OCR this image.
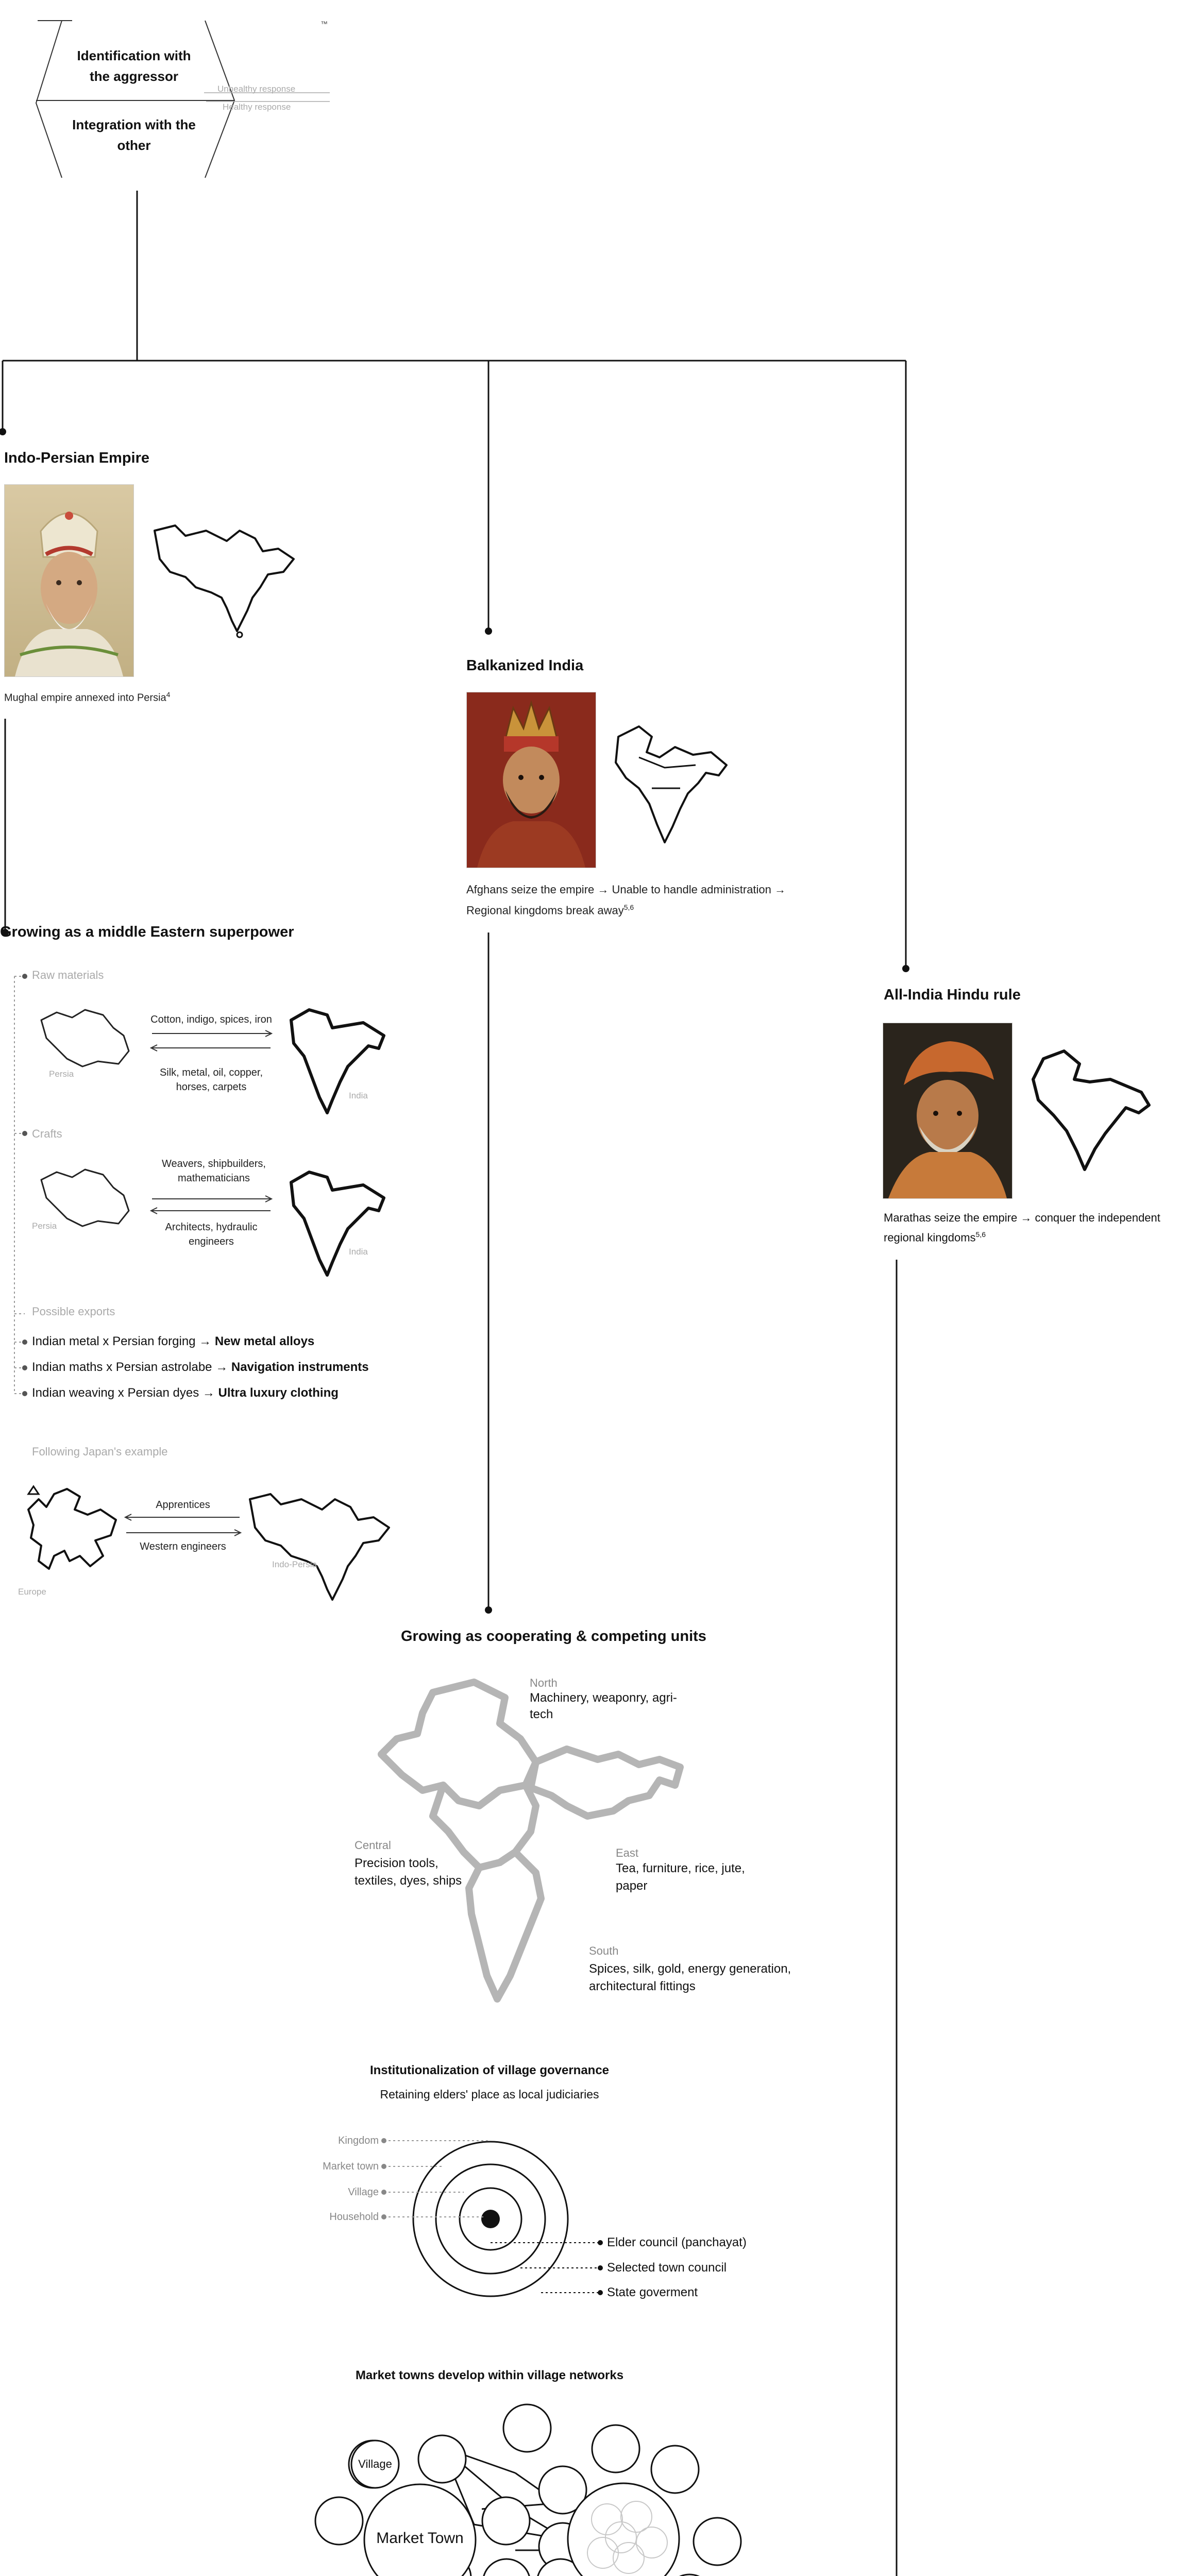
Identification with the aggressor
Integration with the other
Unhealthy response
Healthy response
™
Indo-Persian Empire
Mughal empire annexed into Persia$^4$
Growing as a middle Eastern superpower
Raw materials
Persia
India
Cotton, indigo, spices, iron
Silk, metal, oil, copper, horses, carpets
Crafts
Persia
India
Weavers, shipbuilders, mathematicians
Architects, hydraulic engineers
Possible exports
Indian metal x Persian forging → New metal alloys
Indian maths x Persian astrolabe → Navigation instruments
Indian weaving x Persian dyes → Ultra luxury clothing
Following Japan's example
Europe
Indo-Persia
Apprentices
Western engineers
Balkanized India
Afghans seize the empire → Unable to handle administration → Regional kingdoms break away$^{5,6}$
Growing as cooperating & competing units
North
Machinery, weaponry, agri-tech
Central
Precision tools, textiles, dyes, ships
East
Tea, furniture, rice, jute, paper
South
Spices, silk, gold, energy generation, architectural fittings
Institutionalization of village governance
Retaining elders' place as local judiciaries
Kingdom
Market town
Village
Household
Elder council (panchayat)
Selected town council
State goverment
Market towns develop within village networks
Village
Market Town
All-India Hindu rule
Marathas seize the empire → conquer the independent regional kingdoms$^{5,6}$
